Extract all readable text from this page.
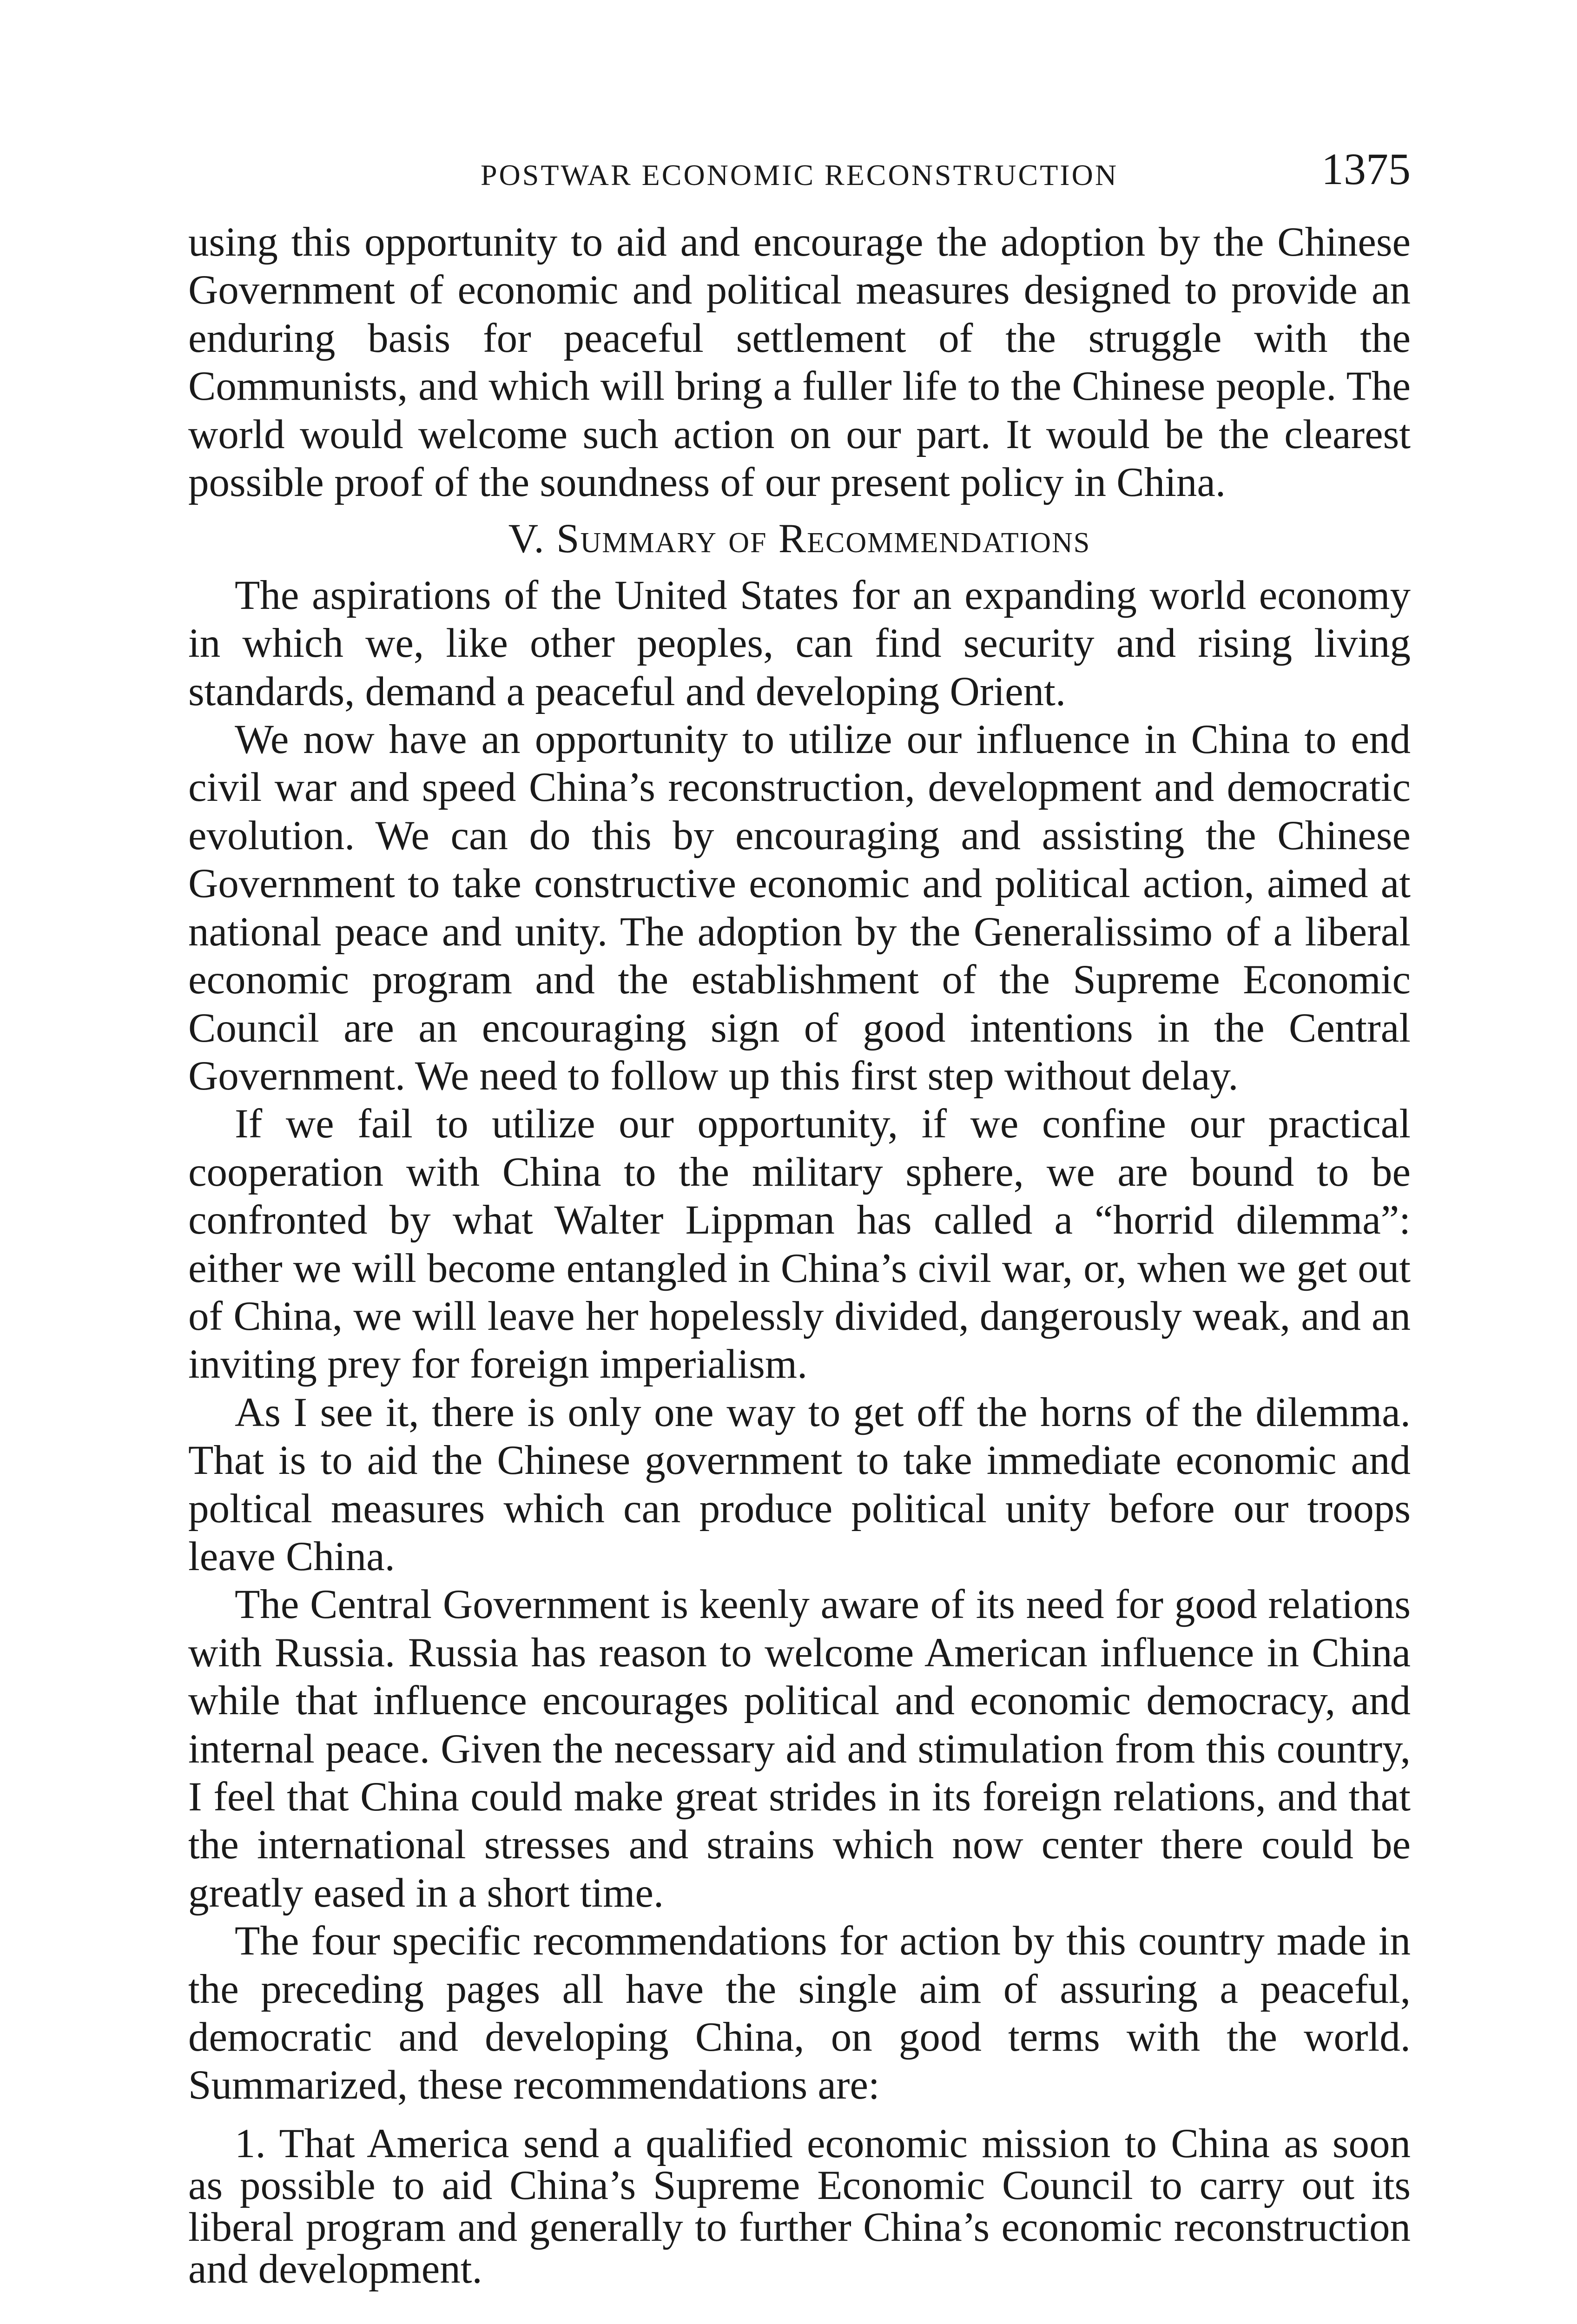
POSTWAR ECONOMIC RECONSTRUCTION	1375

using this opportunity to aid and encourage the adoption by the Chinese Government of economic and political measures designed to provide an enduring basis for peaceful settlement of the struggle with the Communists, and which will bring a fuller life to the Chinese people. The world would welcome such action on our part. It would be the clearest possible proof of the soundness of our present policy in China.

V. Summary of Recommendations

The aspirations of the United States for an expanding world economy in which we, like other peoples, can find security and rising living standards, demand a peaceful and developing Orient.

We now have an opportunity to utilize our influence in China to end civil war and speed China’s reconstruction, development and democratic evolution. We can do this by encouraging and assisting the Chinese Government to take constructive economic and political action, aimed at national peace and unity. The adoption by the Generalissimo of a liberal economic program and the establishment of the Supreme Economic Council are an encouraging sign of good intentions in the Central Government. We need to follow up this first step without delay.

If we fail to utilize our opportunity, if we confine our practical cooperation with China to the military sphere, we are bound to be confronted by what Walter Lippman has called a “horrid dilemma”: either we will become entangled in China’s civil war, or, when we get out of China, we will leave her hopelessly divided, dangerously weak, and an inviting prey for foreign imperialism.

As I see it, there is only one way to get off the horns of the dilemma. That is to aid the Chinese government to take immediate economic and poltical measures which can produce political unity before our troops leave China.

The Central Government is keenly aware of its need for good relations with Russia. Russia has reason to welcome American influence in China while that influence encourages political and economic democracy, and internal peace. Given the necessary aid and stimulation from this country, I feel that China could make great strides in its foreign relations, and that the international stresses and strains which now center there could be greatly eased in a short time.

The four specific recommendations for action by this country made in the preceding pages all have the single aim of assuring a peaceful, democratic and developing China, on good terms with the world. Summarized, these recommendations are:

1. That America send a qualified economic mission to China as soon as possible to aid China’s Supreme Economic Council to carry out its liberal program and generally to further China’s economic reconstruction and development.
